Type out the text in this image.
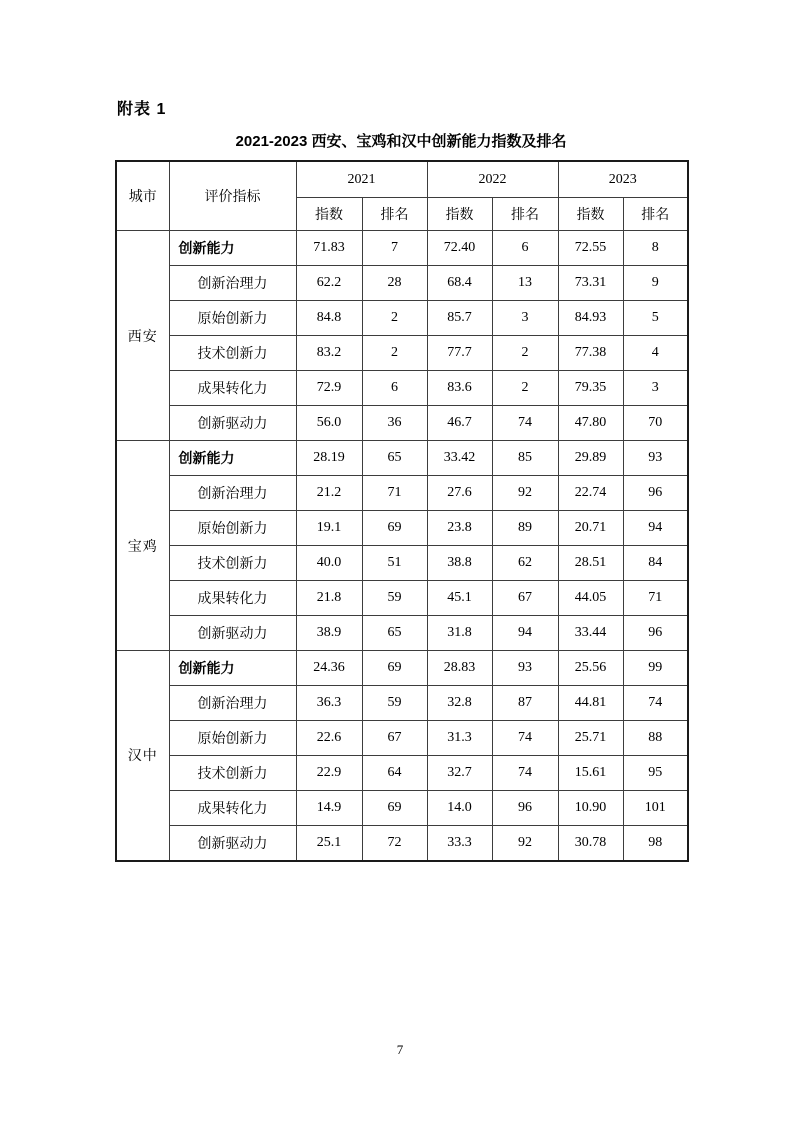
附表 1
2021-2023 西安、宝鸡和汉中创新能力指数及排名
城市	评价指标	2021		2022		2023	
		指数	排名	指数	排名	指数	排名
西安	创新能力	71.83	7	72.40	6	72.55	8
	创新治理力	62.2	28	68.4	13	73.31	9
	原始创新力	84.8	2	85.7	3	84.93	5
	技术创新力	83.2	2	77.7	2	77.38	4
	成果转化力	72.9	6	83.6	2	79.35	3
	创新驱动力	56.0	36	46.7	74	47.80	70
宝鸡	创新能力	28.19	65	33.42	85	29.89	93
	创新治理力	21.2	71	27.6	92	22.74	96
	原始创新力	19.1	69	23.8	89	20.71	94
	技术创新力	40.0	51	38.8	62	28.51	84
	成果转化力	21.8	59	45.1	67	44.05	71
	创新驱动力	38.9	65	31.8	94	33.44	96
汉中	创新能力	24.36	69	28.83	93	25.56	99
	创新治理力	36.3	59	32.8	87	44.81	74
	原始创新力	22.6	67	31.3	74	25.71	88
	技术创新力	22.9	64	32.7	74	15.61	95
	成果转化力	14.9	69	14.0	96	10.90	101
	创新驱动力	25.1	72	33.3	92	30.78	98
7
